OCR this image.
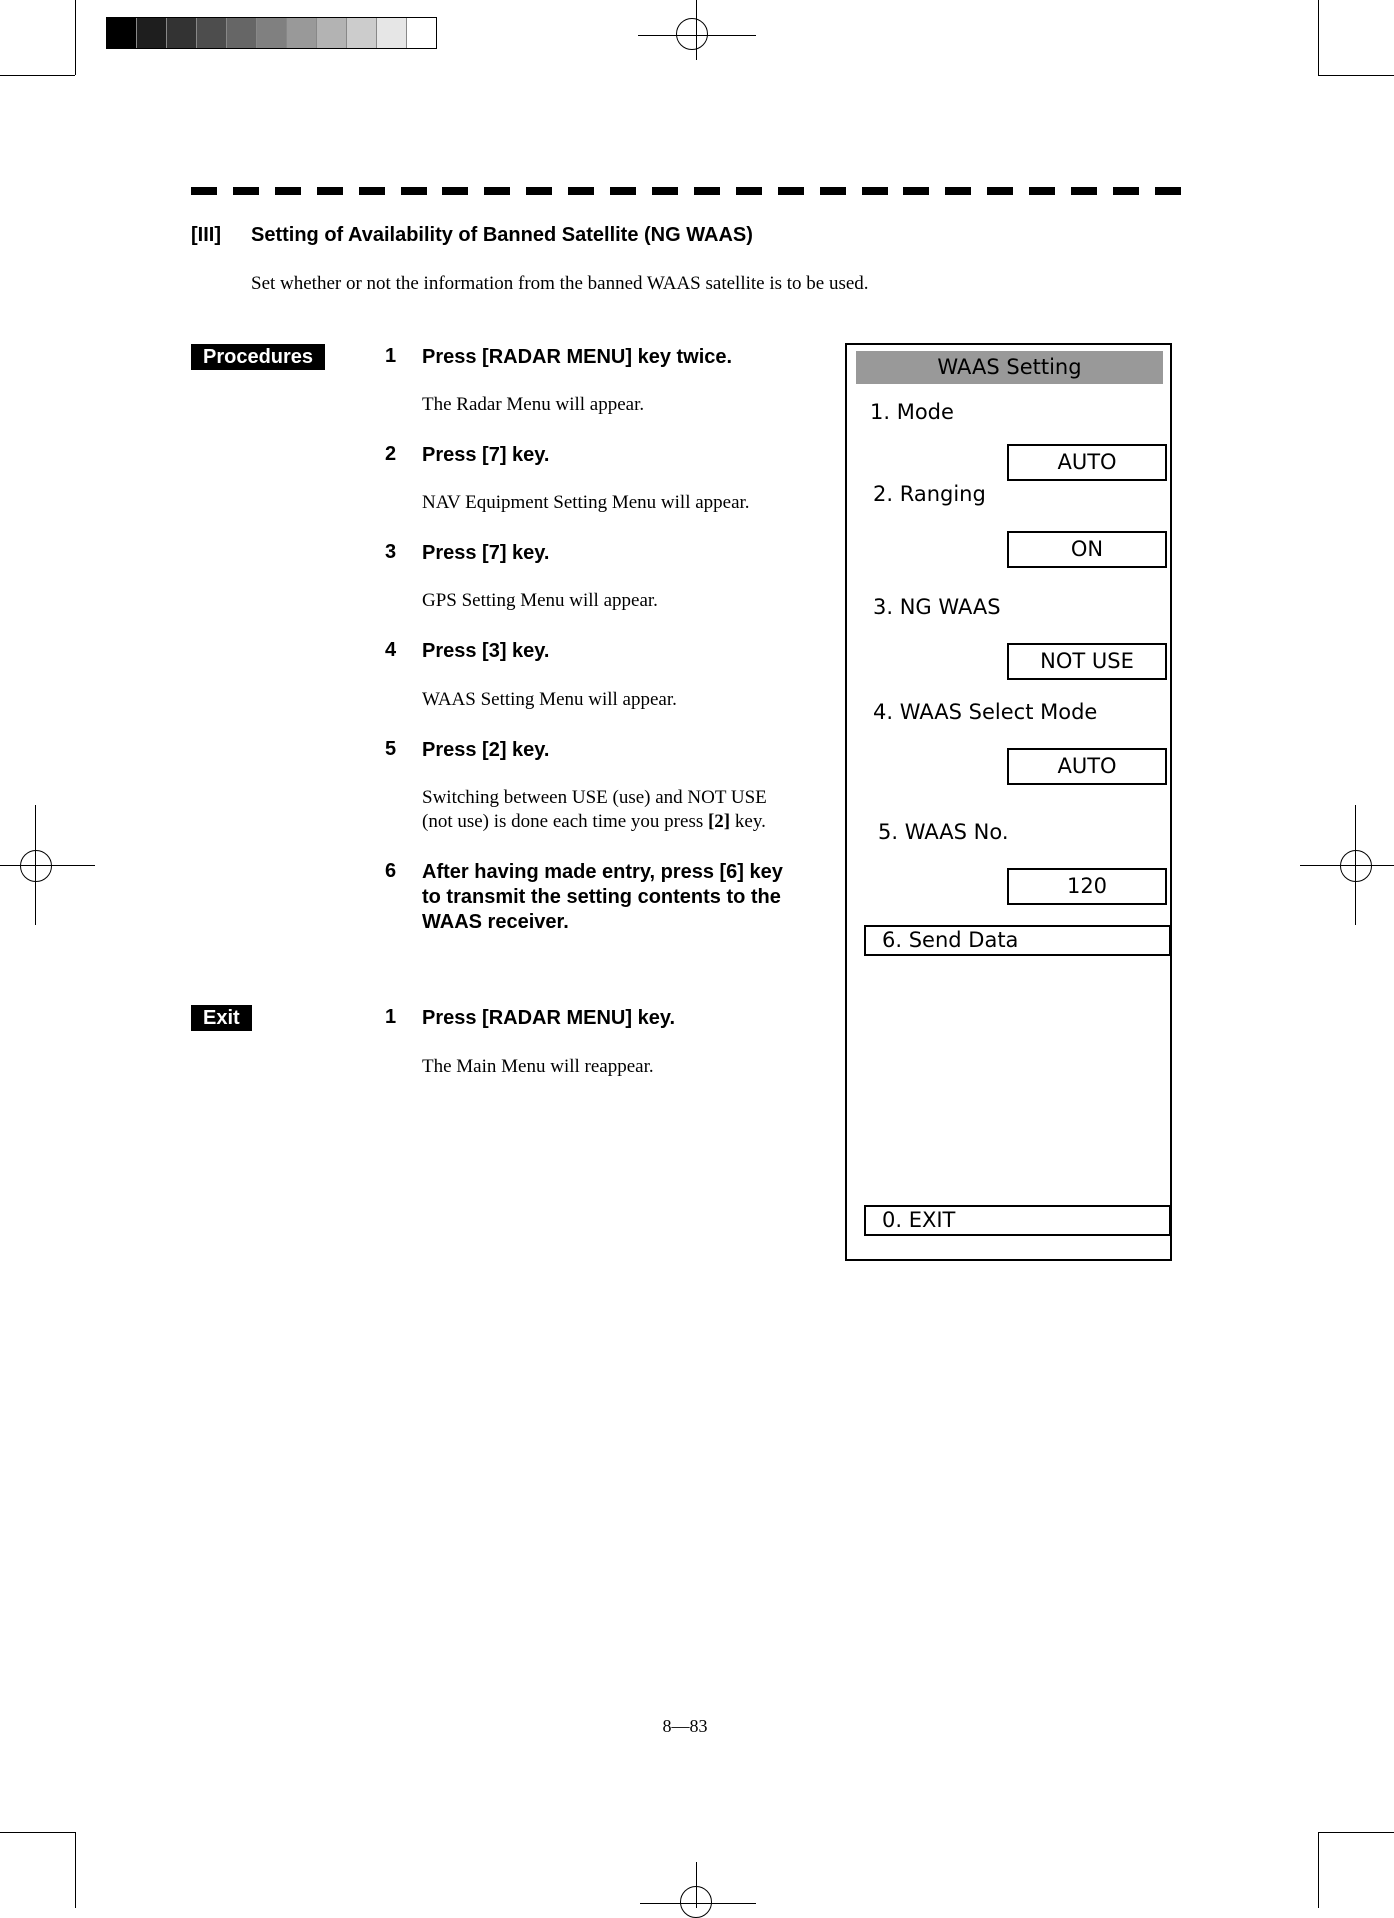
[III] Setting of Availability of Banned Satellite (NG WAAS)
Set whether or not the information from the banned WAAS satellite is to be used.
Procedures	1 Press [RADAR MENU] key twice.
The Radar Menu will appear.
2 Press [7] key.
NAV Equipment Setting Menu will appear.
3 Press [7] key.
GPS Setting Menu will appear.
4 Press [3] key.
WAAS Setting Menu will appear.
5 Press [2] key.
Switching between USE (use) and NOT USE
(not use) is done each time you press [2] key.
6 After having made entry, press [6] key
to transmit the setting contents to the
WAAS receiver.
Exit	1 Press [RADAR MENU] key.
The Main Menu will reappear.
WAAS Setting
1. Mode
AUTO
2. Ranging
ON
3. NG WAAS
NOT USE
4. WAAS Select Mode
AUTO
5. WAAS No.
120
6. Send Data
0. EXIT
8—83
